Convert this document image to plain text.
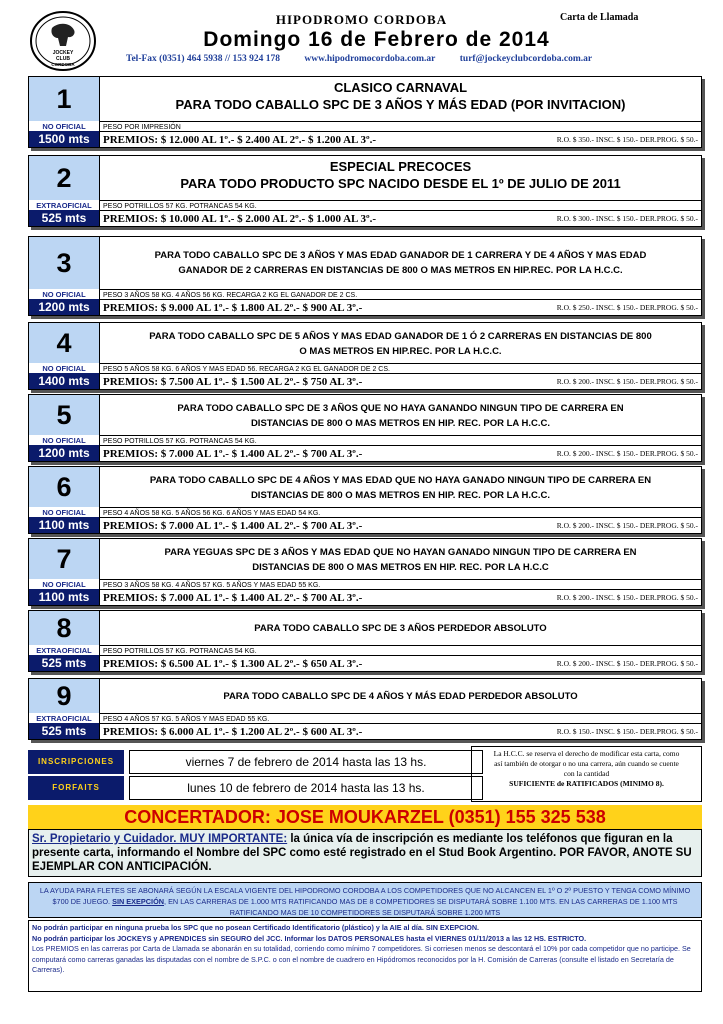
JOCKEY
CLUB
CORDOBA
HIPODROMO CORDOBA	Carta de Llamada
Domingo 16 de Febrero de 2014
Tel-Fax (0351) 464 5938 // 153 924 178	www.hipodromocordoba.com.ar	turf@jockeyclubcordoba.com.ar
1
NO OFICIAL
1500 mts
CLASICO CARNAVAL
PARA TODO CABALLO SPC DE 3 AÑOS Y MÁS EDAD (POR INVITACION)
PESO POR IMPRESIÓN
PREMIOS: $ 12.000 AL 1º.- $ 2.400 AL 2º.- $ 1.200 AL 3º.-	R.O. $ 350.- INSC. $ 150.- DER.PROG. $ 50.-
2
EXTRAOFICIAL
525 mts
ESPECIAL PRECOCES
PARA TODO PRODUCTO SPC NACIDO DESDE EL 1º DE JULIO DE 2011
PESO POTRILLOS 57 KG. POTRANCAS 54 KG.
PREMIOS: $ 10.000 AL 1º.- $ 2.000 AL 2º.- $ 1.000 AL 3º.-	R.O. $ 300.- INSC. $ 150.- DER.PROG. $ 50.-
3
NO OFICIAL
1200 mts
PARA TODO CABALLO SPC DE 3 AÑOS Y MAS EDAD GANADOR DE 1 CARRERA Y DE 4 AÑOS Y MAS EDAD
GANADOR DE 2 CARRERAS EN DISTANCIAS DE 800 O MAS METROS EN HIP.REC. POR LA H.C.C.
PESO 3 AÑOS 58 KG. 4 AÑOS 56 KG. RECARGA 2 KG EL GANADOR DE 2 CS.
PREMIOS: $ 9.000 AL 1º.- $ 1.800 AL 2º.- $ 900 AL 3º.-	R.O. $ 250.- INSC. $ 150.- DER.PROG. $ 50.-
4
NO OFICIAL
1400 mts
PARA TODO CABALLO SPC DE 5 AÑOS Y MAS EDAD GANADOR DE 1 Ó 2 CARRERAS EN DISTANCIAS DE 800
O MAS METROS EN HIP.REC. POR LA H.C.C.
PESO 5 AÑOS 58 KG. 6 AÑOS Y MAS EDAD 56. RECARGA 2 KG EL GANADOR DE 2 CS.
PREMIOS: $ 7.500 AL 1º.- $ 1.500 AL 2º.- $ 750 AL 3º.-	R.O. $ 200.- INSC. $ 150.- DER.PROG. $ 50.-
5
NO OFICIAL
1200 mts
PARA TODO CABALLO SPC DE 3 AÑOS QUE NO HAYA GANANDO NINGUN TIPO DE CARRERA EN
DISTANCIAS DE 800 O MAS METROS EN HIP. REC. POR LA H.C.C.
PESO POTRILLOS 57 KG. POTRANCAS 54 KG.
PREMIOS: $ 7.000 AL 1º.- $ 1.400 AL 2º.- $ 700 AL 3º.-	R.O. $ 200.- INSC. $ 150.- DER.PROG. $ 50.-
6
NO OFICIAL
1100 mts
PARA TODO CABALLO SPC DE 4 AÑOS Y MAS EDAD QUE NO HAYA GANADO NINGUN TIPO DE CARRERA EN
DISTANCIAS DE 800 O MAS METROS EN HIP. REC. POR LA H.C.C.
PESO 4 AÑOS 58 KG. 5 AÑOS 56 KG. 6 AÑOS Y MAS EDAD 54 KG.
PREMIOS: $ 7.000 AL 1º.- $ 1.400 AL 2º.- $ 700 AL 3º.-	R.O. $ 200.- INSC. $ 150.- DER.PROG. $ 50.-
7
NO OFICIAL
1100 mts
PARA YEGUAS SPC DE 3 AÑOS Y MAS EDAD QUE NO HAYAN GANADO NINGUN TIPO DE CARRERA EN
DISTANCIAS DE 800 O MAS METROS EN HIP. REC. POR LA H.C.C
PESO 3 AÑOS 58 KG. 4 AÑOS 57 KG. 5 AÑOS Y MAS EDAD 55 KG.
PREMIOS: $ 7.000 AL 1º.- $ 1.400 AL 2º.- $ 700 AL 3º.-	R.O. $ 200.- INSC. $ 150.- DER.PROG. $ 50.-
8
EXTRAOFICIAL
525 mts
PARA TODO CABALLO SPC DE 3 AÑOS PERDEDOR ABSOLUTO
PESO POTRILLOS 57 KG. POTRANCAS 54 KG.
PREMIOS: $ 6.500 AL 1º.- $ 1.300 AL 2º.- $ 650 AL 3º.-	R.O. $ 200.- INSC. $ 150.- DER.PROG. $ 50.-
9
EXTRAOFICIAL
525 mts
PARA TODO CABALLO SPC DE 4 AÑOS Y MÁS EDAD PERDEDOR ABSOLUTO
PESO 4 AÑOS 57 KG. 5 AÑOS Y MAS EDAD 55 KG.
PREMIOS: $ 6.000 AL 1º.- $ 1.200 AL 2º.- $ 600 AL 3º.-	R.O. $ 150.- INSC. $ 150.- DER.PROG. $ 50.-
INSCRIPCIONES	viernes 7 de febrero de 2014 hasta las 13 hs.
FORFAITS	lunes 10 de febrero de 2014 hasta las 13 hs.
La H.C.C. se reserva el derecho de modificar esta carta, como
así también de otorgar o no una carrera, aún cuando se cuente
con la cantidad
SUFICIENTE de RATIFICADOS (MINIMO 8).
CONCERTADOR: JOSE MOUKARZEL (0351) 155 325 538
Sr. Propietario y Cuidador. MUY IMPORTANTE: la única vía de inscripción es mediante los teléfonos que figuran en la presente carta, informando el Nombre del SPC como esté registrado en el Stud Book Argentino. POR FAVOR, ANOTE SU EJEMPLAR CON ANTICIPACIÓN.
LA AYUDA PARA FLETES SE ABONARÁ SEGÚN LA ESCALA VIGENTE DEL HIPODROMO CORDOBA A LOS COMPETIDORES QUE NO ALCANCEN EL 1º O 2º PUESTO Y TENGA COMO MÍNIMO $700 DE JUEGO. SIN EXEPCIÓN, EN LAS CARRERAS DE 1.000 MTS RATIFICANDO MAS DE 8 COMPETIDORES SE DISPUTARÁ SOBRE 1.100 MTS. EN LAS CARRERAS DE 1.100 MTS RATIFICANDO MAS DE 10 COMPETIDORES SE DISPUTARÁ SOBRE 1.200 MTS
No podrán participar en ninguna prueba los SPC que no posean Certificado Identificatorio (plástico) y la AIE al día. SIN EXEPCION.
No podrán participar los JOCKEYS y APRENDICES sin SEGURO del JCC. Informar los DATOS PERSONALES hasta el VIERNES 01/11/2013 a las 12 HS. ESTRICTO.
Los PREMIOS en las carreras por Carta de Llamada se abonarán en su totalidad, corriendo como mínimo 7 competidores. Si corriesen menos se descontará el 10% por cada competidor que no participe. Se computará como carreras ganadas las disputadas con el nombre de S.P.C. o con el nombre de cuadrero en Hipódromos reconocidos por la H. Comisión de Carreras (consulte el listado en Secretaría de Carreras).
